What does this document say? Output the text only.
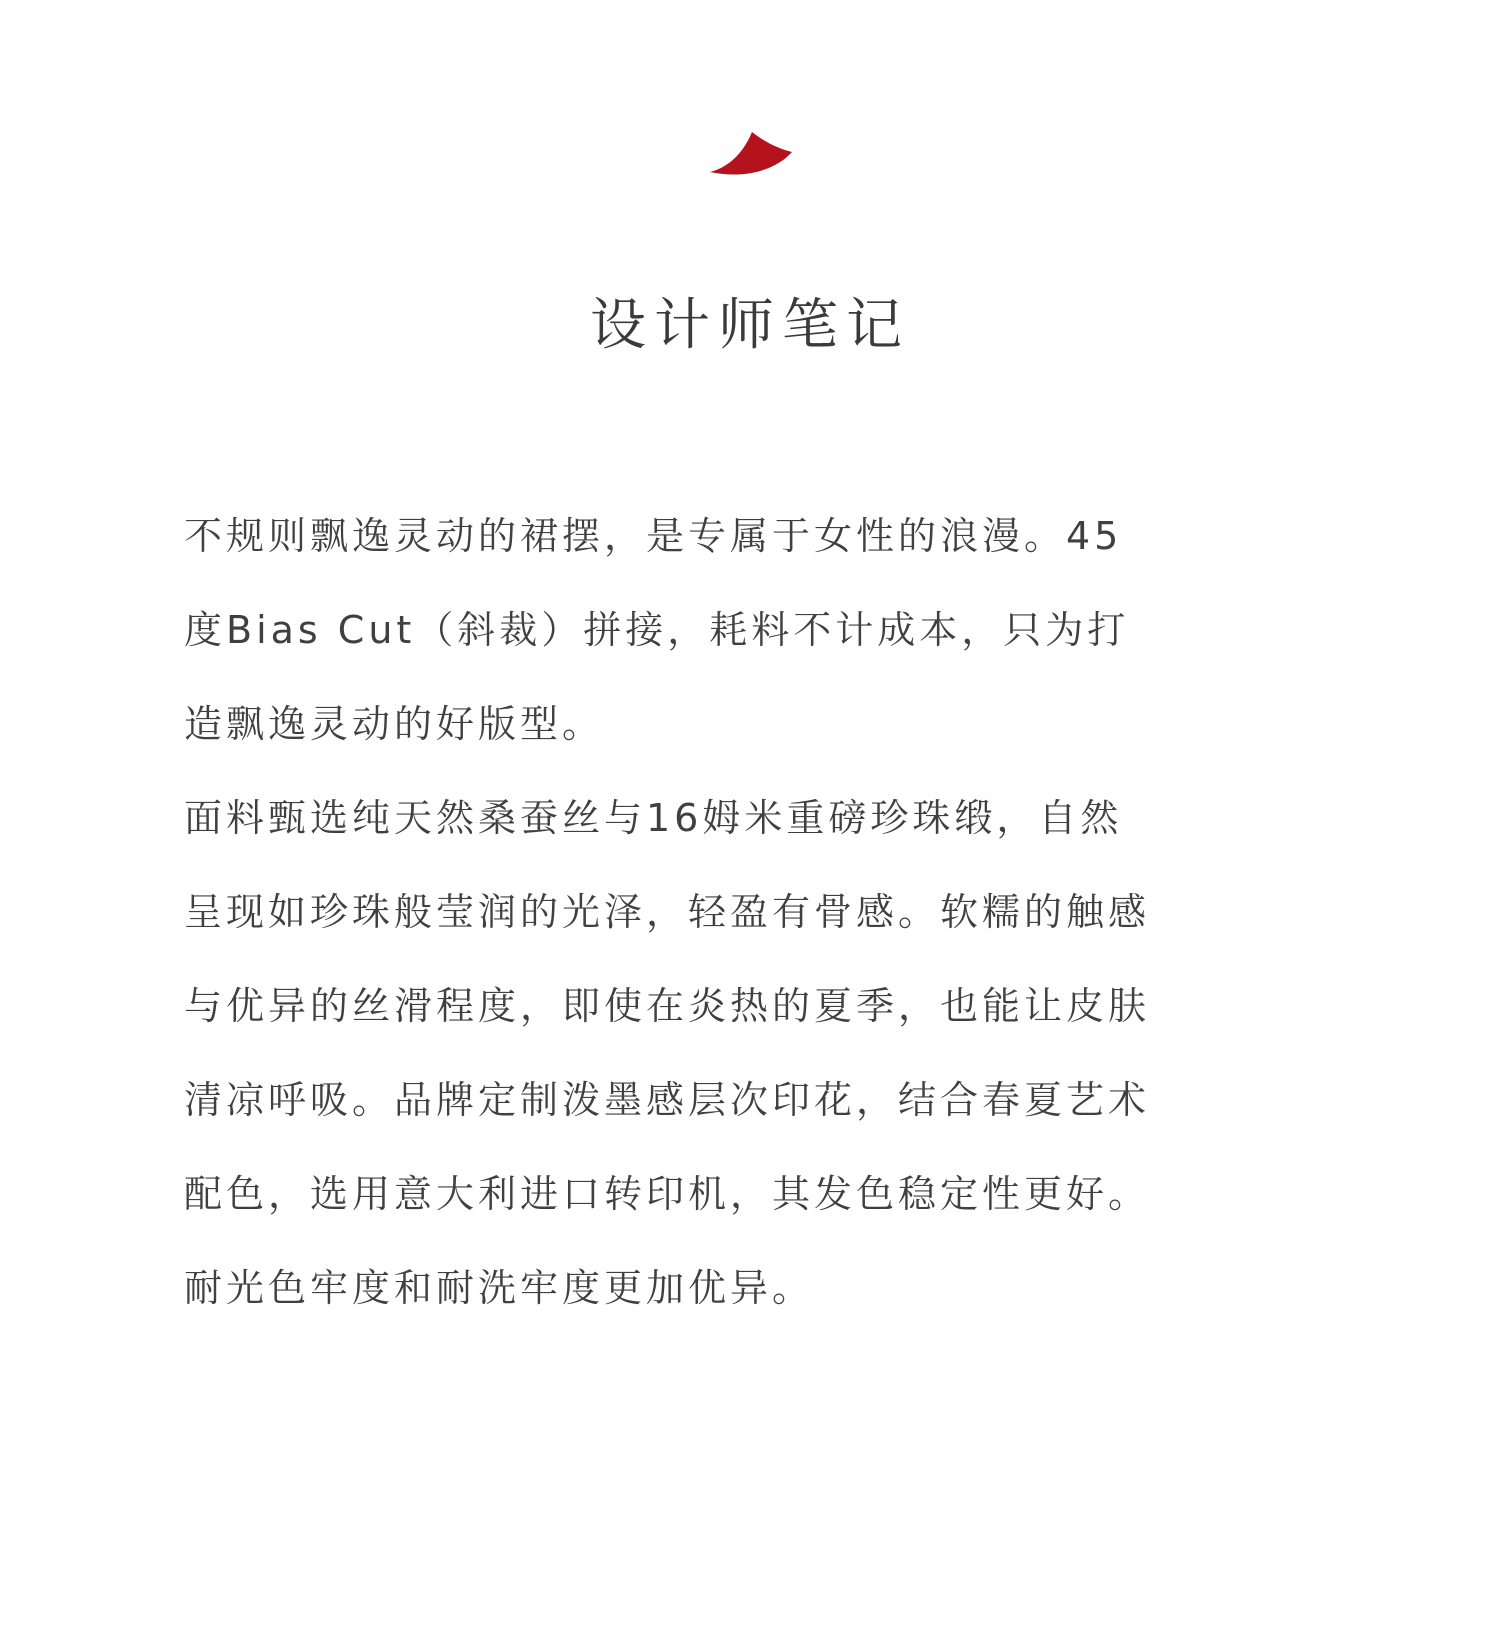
设计师笔记

不规则飘逸灵动的裙摆，是专属于女性的浪漫。45
度Bias Cut（斜裁）拼接，耗料不计成本，只为打
造飘逸灵动的好版型。

面料甄选纯天然桑蚕丝与16姆米重磅珍珠缎，自然
呈现如珍珠般莹润的光泽，轻盈有骨感。软糯的触感
与优异的丝滑程度，即使在炎热的夏季，也能让皮肤
清凉呼吸。品牌定制泼墨感层次印花，结合春夏艺术
配色，选用意大利进口转印机，其发色稳定性更好。
耐光色牢度和耐洗牢度更加优异。
